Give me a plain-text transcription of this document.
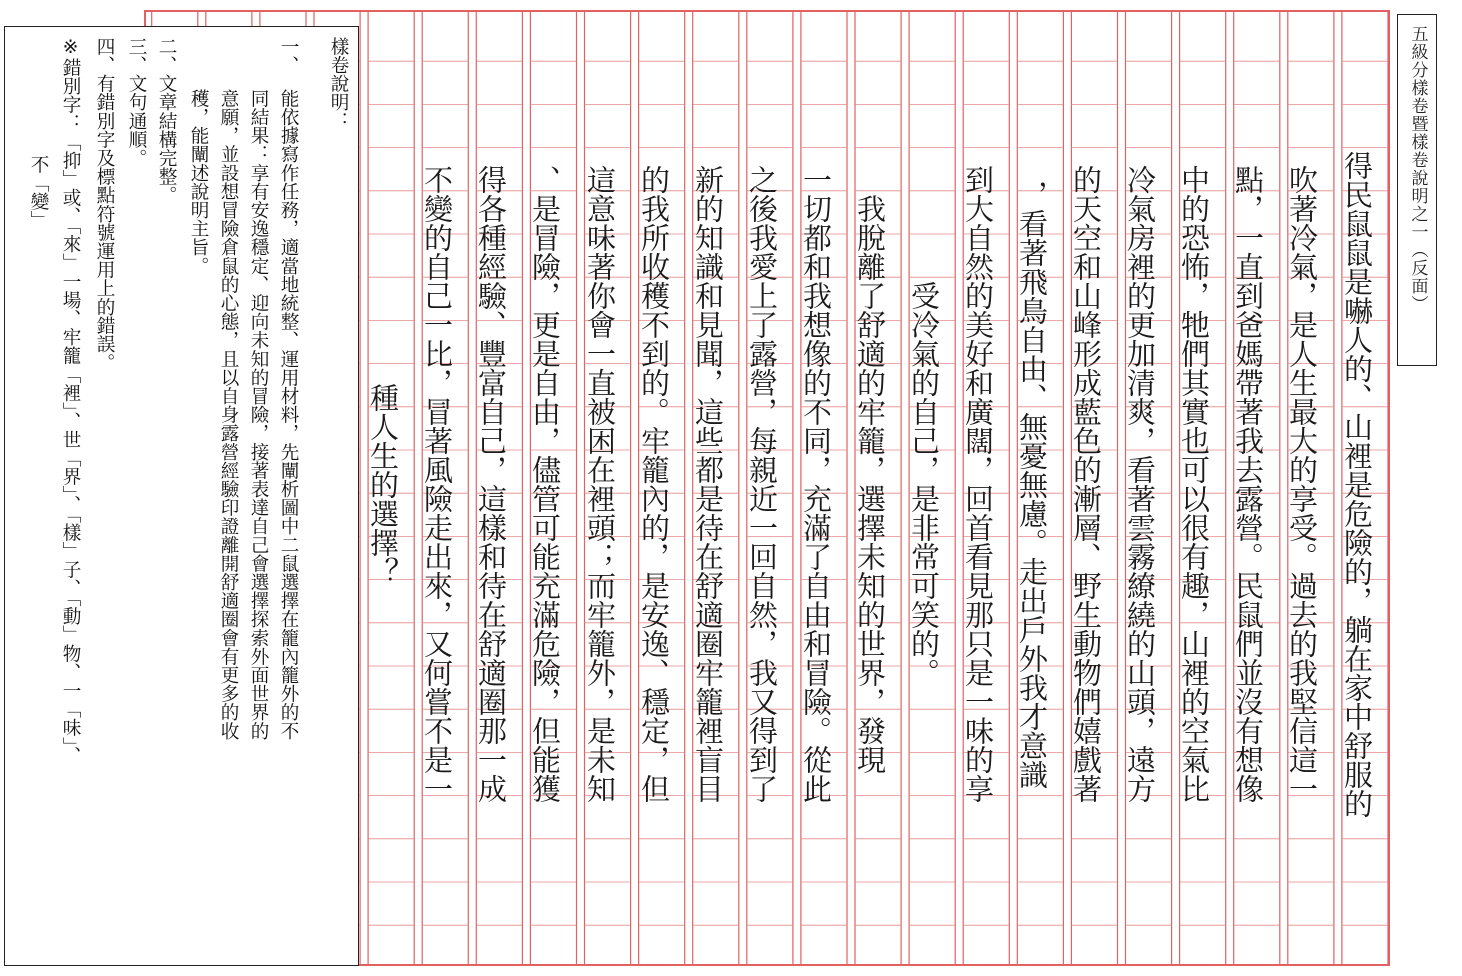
五級分樣卷暨樣卷說明之一（反面）
得民鼠鼠是嚇人的、山裡是危險的，躺在家中舒服的
吹著冷氣，是人生最大的享受。過去的我堅信這一
點，一直到爸媽帶著我去露營。民鼠們並沒有想像
中的恐怖，牠們其實也可以很有趣，山裡的空氣比
冷氣房裡的更加清爽，看著雲霧繚繞的山頭，遠方
的天空和山峰形成藍色的漸層、野生動物們嬉戲著
，看著飛鳥自由、無憂無慮。走出戶外我才意識
到大自然的美好和廣闊，回首看見那只是一味的享
受冷氣的自己，是非常可笑的。
我脫離了舒適的牢籠，選擇未知的世界，發現
一切都和我想像的不同，充滿了自由和冒險。從此
之後我愛上了露營，每親近一回自然，我又得到了
新的知識和見聞，這些都是待在舒適圈牢籠裡盲目
的我所收穫不到的。牢籠內的，是安逸、穩定，但
這意味著你會一直被困在裡頭；而牢籠外，是未知
、是冒險，更是自由，儘管可能充滿危險，但能獲
得各種經驗、豐富自己，這樣和待在舒適圈那一成
不變的自己一比，冒著風險走出來，又何嘗不是一
種人生的選擇？
樣卷說明：
一、
能依據寫作任務，適當地統整、運用材料，先闡析圖中二鼠選擇在籠內籠外的不
同結果：享有安逸穩定、迎向未知的冒險，接著表達自己會選擇探索外面世界的
意願，並設想冒險倉鼠的心態，且以自身露營經驗印證離開舒適圈會有更多的收
穫，能闡述說明主旨。
二、文章結構完整。
三、文句通順。
四、有錯別字及標點符號運用上的錯誤。
※錯別字：「抑」或、「來」一場、牢籠「裡」、世「界」、「樣」子、「動」物、一「味」、
不「變」
